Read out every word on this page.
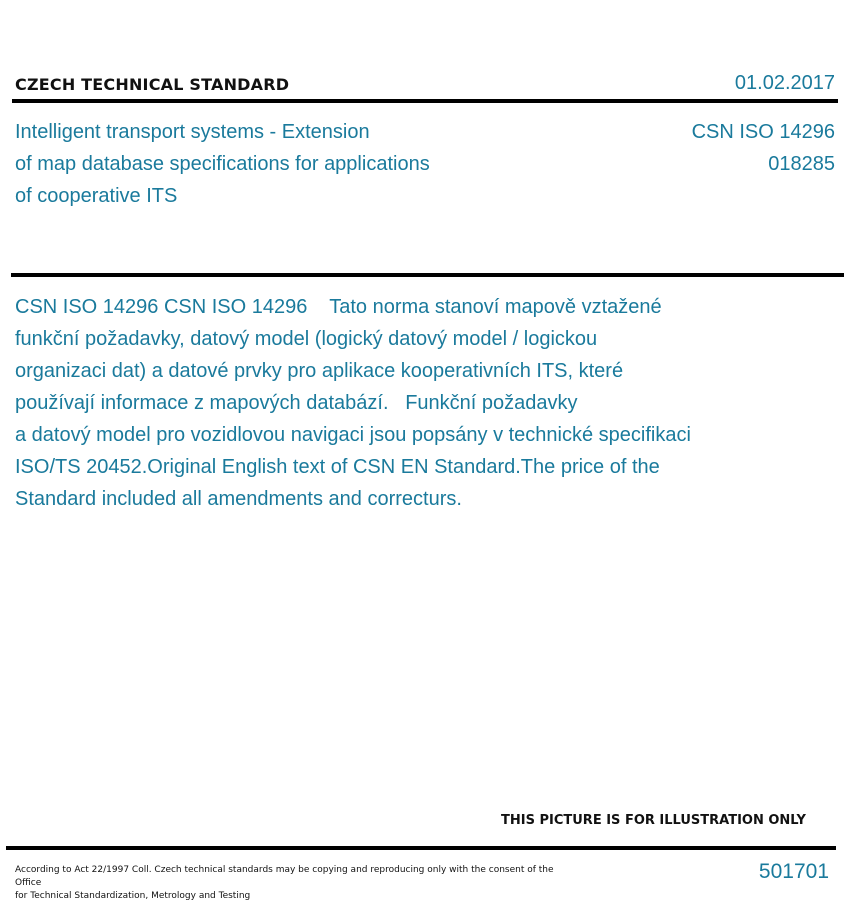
CZECH TECHNICAL STANDARD	01.02.2017
Intelligent transport systems - Extension
of map database specifications for applications
of cooperative ITS
CSN ISO 14296
018285
CSN ISO 14296 CSN ISO 14296    Tato norma stanoví mapově vztažené
funkční požadavky, datový model (logický datový model / logickou
organizaci dat) a datové prvky pro aplikace kooperativních ITS, které
používají informace z mapových databází.   Funkční požadavky
a datový model pro vozidlovou navigaci jsou popsány v technické specifikaci
ISO/TS 20452.Original English text of CSN EN Standard.The price of the
Standard included all amendments and correcturs.
THIS PICTURE IS FOR ILLUSTRATION ONLY
According to Act 22/1997 Coll. Czech technical standards may be copying and reproducing only with the consent of the Office
for Technical Standardization, Metrology and Testing
501701
